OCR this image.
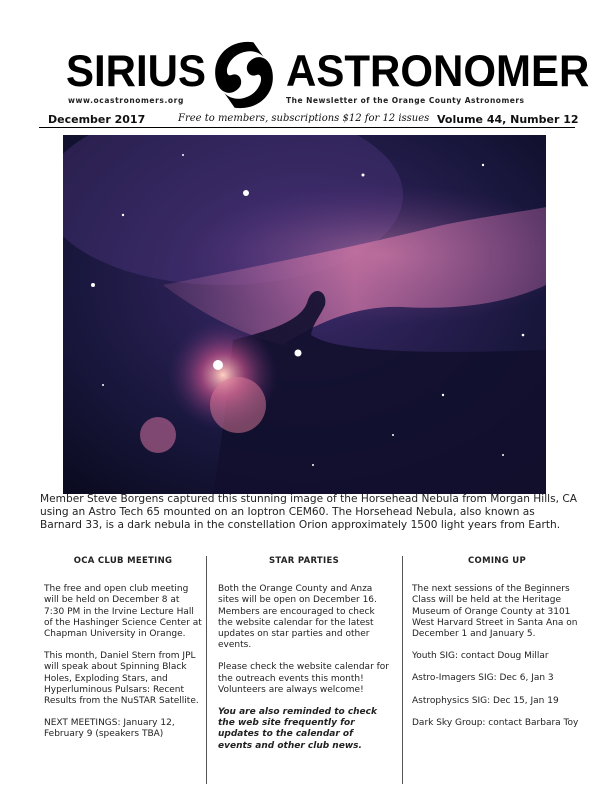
SIRIUS ASTRONOMER
www.ocastronomers.org	The Newsletter of the Orange County Astronomers
December 2017	Free to members, subscriptions $12 for 12 issues Volume 44, Number 12
Member Steve Borgens captured this stunning image of the Horsehead Nebula from Morgan Hills, CA using an Astro Tech 65 mounted on an Ioptron CEM60. The Horsehead Nebula, also known as Barnard 33, is a dark nebula in the constellation Orion approximately 1500 light years from Earth.
OCA CLUB MEETING

The free and open club meeting will be held on December 8 at 7:30 PM in the Irvine Lecture Hall of the Hashinger Science Center at Chapman University in Orange.

This month, Daniel Stern from JPL will speak about Spinning Black Holes, Exploding Stars, and Hyperluminous Pulsars: Recent Results from the NuSTAR Satellite.

NEXT MEETINGS: January 12, February 9 (speakers TBA)

STAR PARTIES

Both the Orange County and Anza sites will be open on December 16. Members are encouraged to check the website calendar for the latest updates on star parties and other events.

Please check the website calendar for the outreach events this month! Volunteers are always welcome!

You are also reminded to check the web site frequently for updates to the calendar of events and other club news.

COMING UP

The next sessions of the Beginners Class will be held at the Heritage Museum of Orange County at 3101 West Harvard Street in Santa Ana on December 1 and January 5.

Youth SIG: contact Doug Millar

Astro-Imagers SIG: Dec 6, Jan 3

Astrophysics SIG: Dec 15, Jan 19

Dark Sky Group: contact Barbara Toy
